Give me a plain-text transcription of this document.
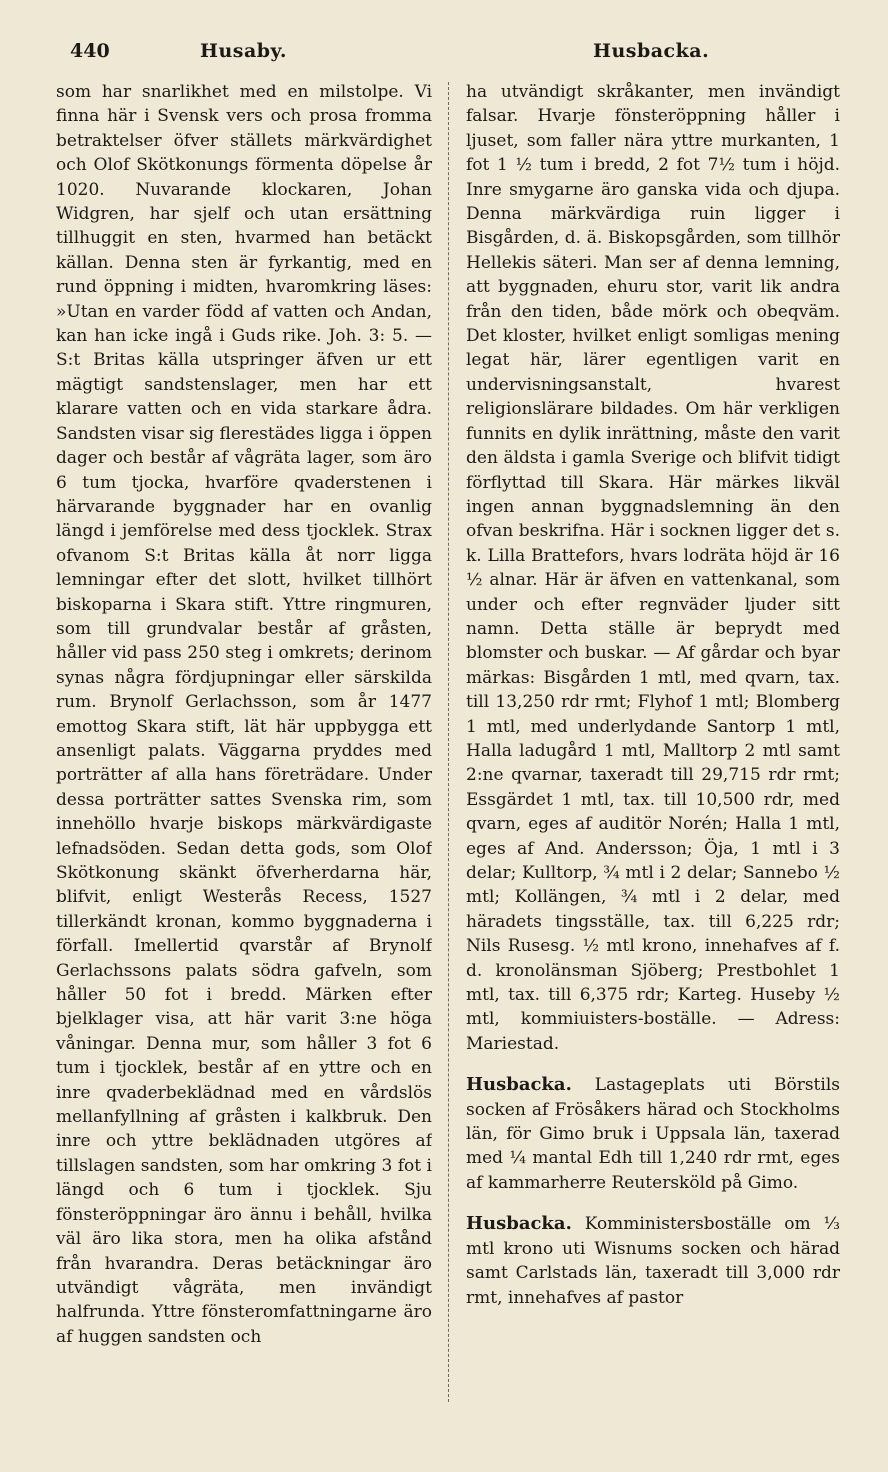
440	Husaby.	Husbacka.

som har snarlikhet med en milstolpe. Vi finna här i Svensk vers och prosa fromma betraktelser öfver ställets märkvärdighet och Olof Skötkonungs förmenta döpelse år 1020. Nuvarande klockaren, Johan Widgren, har sjelf och utan ersättning tillhuggit en sten, hvarmed han betäckt källan. Denna sten är fyrkantig, med en rund öppning i midten, hvaromkring läses: »Utan en varder född af vatten och Andan, kan han icke ingå i Guds rike. Joh. 3: 5. — S:t Britas källa utspringer äfven ur ett mägtigt sandstenslager, men har ett klarare vatten och en vida starkare ådra. Sandsten visar sig flerestädes ligga i öppen dager och består af vågräta lager, som äro 6 tum tjocka, hvarföre qvaderstenen i härvarande byggnader har en ovanlig längd i jemförelse med dess tjocklek. Strax ofvanom S:t Britas källa åt norr ligga lemningar efter det slott, hvilket tillhört biskoparna i Skara stift. Yttre ringmuren, som till grundvalar består af gråsten, håller vid pass 250 steg i omkrets; derinom synas några fördjupningar eller särskilda rum. Brynolf Gerlachsson, som år 1477 emottog Skara stift, lät här uppbygga ett ansenligt palats. Väggarna pryddes med porträtter af alla hans företrädare. Under dessa porträtter sattes Svenska rim, som innehöllo hvarje biskops märkvärdigaste lefnadsöden. Sedan detta gods, som Olof Skötkonung skänkt öfverherdarna här, blifvit, enligt Westerås Recess, 1527 tillerkändt kronan, kommo byggnaderna i förfall. Imellertid qvarstår af Brynolf Gerlachssons palats södra gafveln, som håller 50 fot i bredd. Märken efter bjelklager visa, att här varit 3:ne höga våningar. Denna mur, som håller 3 fot 6 tum i tjocklek, består af en yttre och en inre qvaderbeklädnad med en vårdslös mellanfyllning af gråsten i kalkbruk. Den inre och yttre beklädnaden utgöres af tillslagen sandsten, som har omkring 3 fot i längd och 6 tum i tjocklek. Sju fönsteröppningar äro ännu i behåll, hvilka väl äro lika stora, men ha olika afstånd från hvarandra. Deras betäckningar äro utvändigt vågräta, men invändigt halfrunda. Yttre fönsteromfattningarne äro af huggen sandsten och

ha utvändigt skråkanter, men invändigt falsar. Hvarje fönsteröppning håller i ljuset, som faller nära yttre murkanten, 1 fot 1 ½ tum i bredd, 2 fot 7½ tum i höjd. Inre smygarne äro ganska vida och djupa. Denna märkvärdiga ruin ligger i Bisgården, d. ä. Biskopsgården, som tillhör Hellekis säteri. Man ser af denna lemning, att byggnaden, ehuru stor, varit lik andra från den tiden, både mörk och obeqväm. Det kloster, hvilket enligt somligas mening legat här, lärer egentligen varit en undervisningsanstalt, hvarest religionslärare bildades. Om här verkligen funnits en dylik inrättning, måste den varit den äldsta i gamla Sverige och blifvit tidigt förflyttad till Skara. Här märkes likväl ingen annan byggnadslemning än den ofvan beskrifna. Här i socknen ligger det s. k. Lilla Brattefors, hvars lodräta höjd är 16 ½ alnar. Här är äfven en vattenkanal, som under och efter regnväder ljuder sitt namn. Detta ställe är beprydt med blomster och buskar. — Af gårdar och byar märkas: Bisgården 1 mtl, med qvarn, tax. till 13,250 rdr rmt; Flyhof 1 mtl; Blomberg 1 mtl, med underlydande Santorp 1 mtl, Halla ladugård 1 mtl, Malltorp 2 mtl samt 2:ne qvarnar, taxeradt till 29,715 rdr rmt; Essgärdet 1 mtl, tax. till 10,500 rdr, med qvarn, eges af auditör Norén; Halla 1 mtl, eges af And. Andersson; Öja, 1 mtl i 3 delar; Kulltorp, ¾ mtl i 2 delar; Sannebo ½ mtl; Kollängen, ¾ mtl i 2 delar, med häradets tingsställe, tax. till 6,225 rdr; Nils Rusesg. ½ mtl krono, innehafves af f. d. kronolänsman Sjöberg; Prestbohlet 1 mtl, tax. till 6,375 rdr; Karteg. Huseby ½ mtl, kommiuisters-boställe. — Adress: Mariestad.

Husbacka. Lastageplats uti Börstils socken af Frösåkers härad och Stockholms län, för Gimo bruk i Uppsala län, taxerad med ¼ mantal Edh till 1,240 rdr rmt, eges af kammarherre Reutersköld på Gimo.

Husbacka. Komministersboställe om ⅓ mtl krono uti Wisnums socken och härad samt Carlstads län, taxeradt till 3,000 rdr rmt, innehafves af pastor
